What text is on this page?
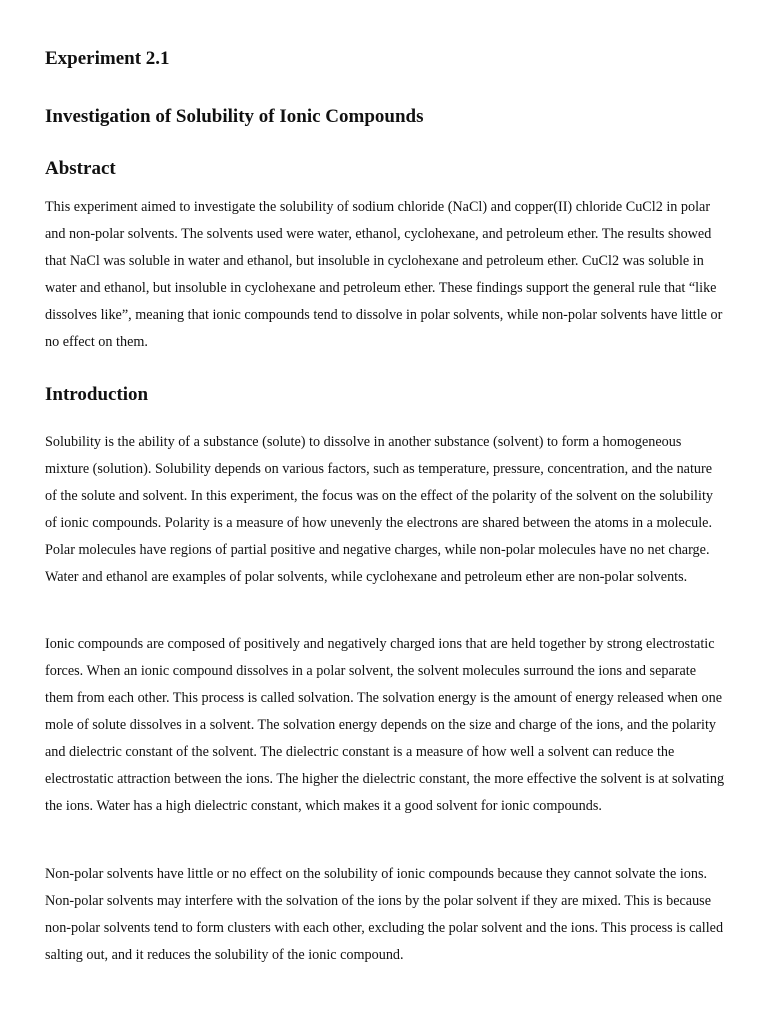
Experiment 2.1
Investigation of Solubility of Ionic Compounds
Abstract

This experiment aimed to investigate the solubility of sodium chloride (NaCl) and copper(II) chloride CuCl2 in polar and non-polar solvents. The solvents used were water, ethanol, cyclohexane, and petroleum ether. The results showed that NaCl was soluble in water and ethanol, but insoluble in cyclohexane and petroleum ether. CuCl2 was soluble in water and ethanol, but insoluble in cyclohexane and petroleum ether. These findings support the general rule that “like dissolves like”, meaning that ionic compounds tend to dissolve in polar solvents, while non-polar solvents have little or no effect on them.

Introduction

Solubility is the ability of a substance (solute) to dissolve in another substance (solvent) to form a homogeneous mixture (solution). Solubility depends on various factors, such as temperature, pressure, concentration, and the nature of the solute and solvent. In this experiment, the focus was on the effect of the polarity of the solvent on the solubility of ionic compounds. Polarity is a measure of how unevenly the electrons are shared between the atoms in a molecule. Polar molecules have regions of partial positive and negative charges, while non-polar molecules have no net charge. Water and ethanol are examples of polar solvents, while cyclohexane and petroleum ether are non-polar solvents.

Ionic compounds are composed of positively and negatively charged ions that are held together by strong electrostatic forces. When an ionic compound dissolves in a polar solvent, the solvent molecules surround the ions and separate them from each other. This process is called solvation. The solvation energy is the amount of energy released when one mole of solute dissolves in a solvent. The solvation energy depends on the size and charge of the ions, and the polarity and dielectric constant of the solvent. The dielectric constant is a measure of how well a solvent can reduce the electrostatic attraction between the ions. The higher the dielectric constant, the more effective the solvent is at solvating the ions. Water has a high dielectric constant, which makes it a good solvent for ionic compounds.

Non-polar solvents have little or no effect on the solubility of ionic compounds because they cannot solvate the ions. Non-polar solvents may interfere with the solvation of the ions by the polar solvent if they are mixed. This is because non-polar solvents tend to form clusters with each other, excluding the polar solvent and the ions. This process is called salting out, and it reduces the solubility of the ionic compound.
